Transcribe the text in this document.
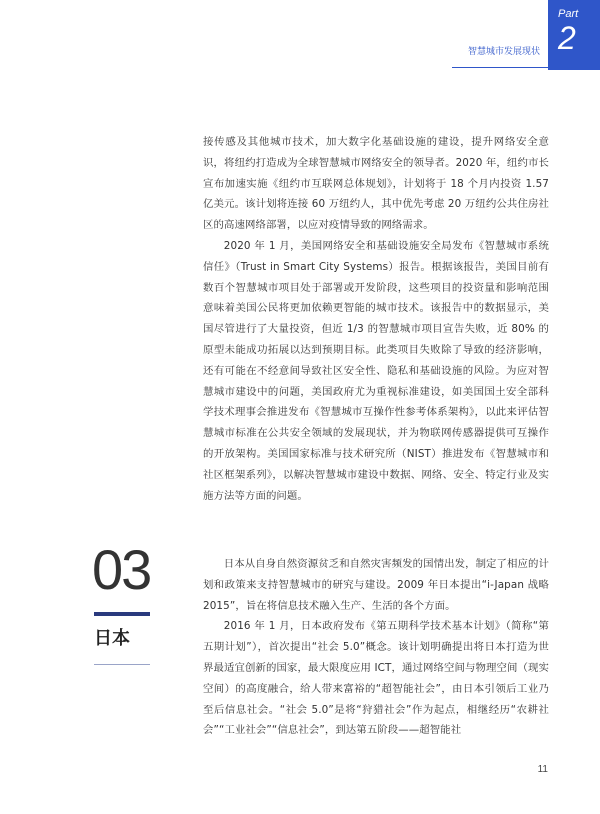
Part
2
智慧城市发展现状

接传感及其他城市技术，加大数字化基础设施的建设，提升网络安全意识，将纽约打造成为全球智慧城市网络安全的领导者。2020 年，纽约市长宣布加速实施《纽约市互联网总体规划》，计划将于 18 个月内投资 1.57 亿美元。该计划将连接 60 万纽约人，其中优先考虑 20 万纽约公共住房社区的高速网络部署，以应对疫情导致的网络需求。

2020 年 1 月，美国网络安全和基础设施安全局发布《智慧城市系统信任》（Trust in Smart City Systems）报告。根据该报告，美国目前有数百个智慧城市项目处于部署或开发阶段，这些项目的投资量和影响范围意味着美国公民将更加依赖更智能的城市技术。该报告中的数据显示，美国尽管进行了大量投资，但近 1/3 的智慧城市项目宣告失败，近 80% 的原型未能成功拓展以达到预期目标。此类项目失败除了导致的经济影响，还有可能在不经意间导致社区安全性、隐私和基础设施的风险。为应对智慧城市建设中的问题，美国政府尤为重视标准建设，如美国国土安全部科学技术理事会推进发布《智慧城市互操作性参考体系架构》，以此来评估智慧城市标准在公共安全领域的发展现状，并为物联网传感器提供可互操作的开放架构。美国国家标准与技术研究所（NIST）推进发布《智慧城市和社区框架系列》，以解决智慧城市建设中数据、网络、安全、特定行业及实施方法等方面的问题。

03
日本

日本从自身自然资源贫乏和自然灾害频发的国情出发，制定了相应的计划和政策来支持智慧城市的研究与建设。2009 年日本提出“i-Japan 战略 2015”，旨在将信息技术融入生产、生活的各个方面。

2016 年 1 月，日本政府发布《第五期科学技术基本计划》（简称“第五期计划”），首次提出“社会 5.0”概念。该计划明确提出将日本打造为世界最适宜创新的国家，最大限度应用 ICT，通过网络空间与物理空间（现实空间）的高度融合，给人带来富裕的“超智能社会”，由日本引领后工业乃至后信息社会。“社会 5.0”是将“狩猎社会”作为起点，相继经历“农耕社会”“工业社会”“信息社会”，到达第五阶段——超智能社

11
